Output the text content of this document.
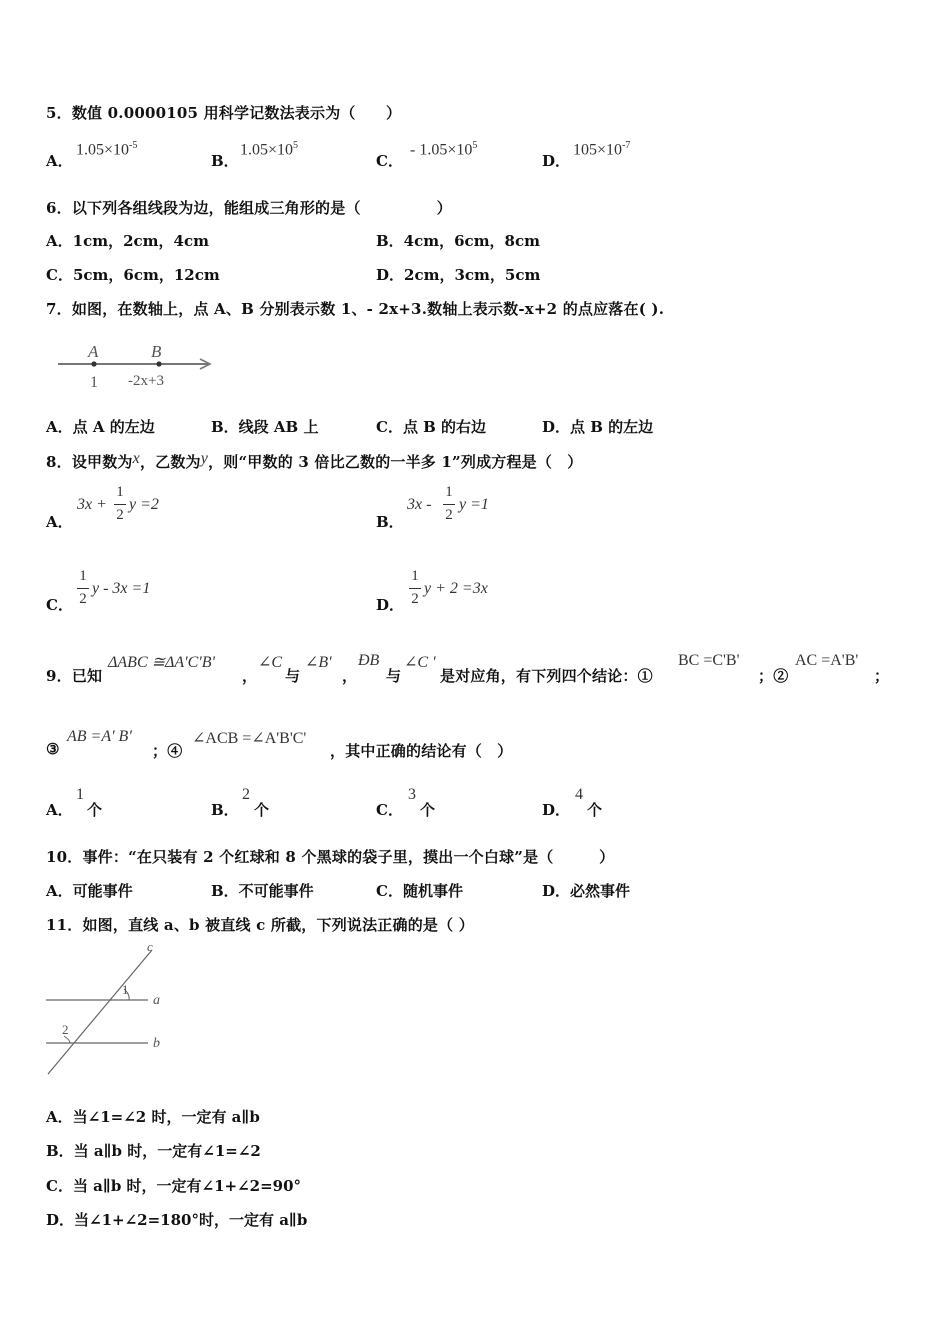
5．数值 0.0000105 用科学记数法表示为（　　）
A．
$1.05\times 10^{-5}$
B．
$1.05\times 10^5$
C．
- $1.05\times 10^5$
D．
$105\times 10^{-7}$
6．以下列各组线段为边，能组成三角形的是（　　　　　）
A．1cm，2cm，4cm	B．4cm，6cm，8cm
C．5cm，6cm，12cm	D．2cm，3cm，5cm
7．如图，在数轴上，点 A、B 分别表示数 1、- 2x+3.数轴上表示数-x+2 的点应落在( ).
A	B
1 -2x+3
A．点 A 的左边	B．线段 AB 上	C．点 B 的右边	D．点 B 的左边
8．设甲数为x，乙数为y，则“甲数的 3 倍比乙数的一半多 1”列成方程是（　）
A．
3x +
1
2
y =2
B．
3x -
1
2
y =1
C．
1
2
y - 3x =1
D．
1
2
y + 2 =3x
9．已知
ΔABC ≅ΔA'C'B'
，
∠C
与
∠B'
，
ÐB
与
∠C '
是对应角，有下列四个结论：①
BC =C'B'
；②
AC =A'B'
；
③
AB =A' B'
；④
∠ACB =∠A'B'C'
，其中正确的结论有（　）
A．
1
个	B．
2
个	C．
3
个	D．
4
个
10．事件：“在只装有 2 个红球和 8 个黑球的袋子里，摸出一个白球”是（　　　）
A．可能事件	B．不可能事件	C．随机事件	D．必然事件
11．如图，直线 a、b 被直线 c 所截，下列说法正确的是（ ）
c
a
b
1
2
A．当∠1=∠2 时，一定有 a∥b
B．当 a∥b 时，一定有∠1=∠2
C．当 a∥b 时，一定有∠1+∠2=90°
D．当∠1+∠2=180°时，一定有 a∥b
